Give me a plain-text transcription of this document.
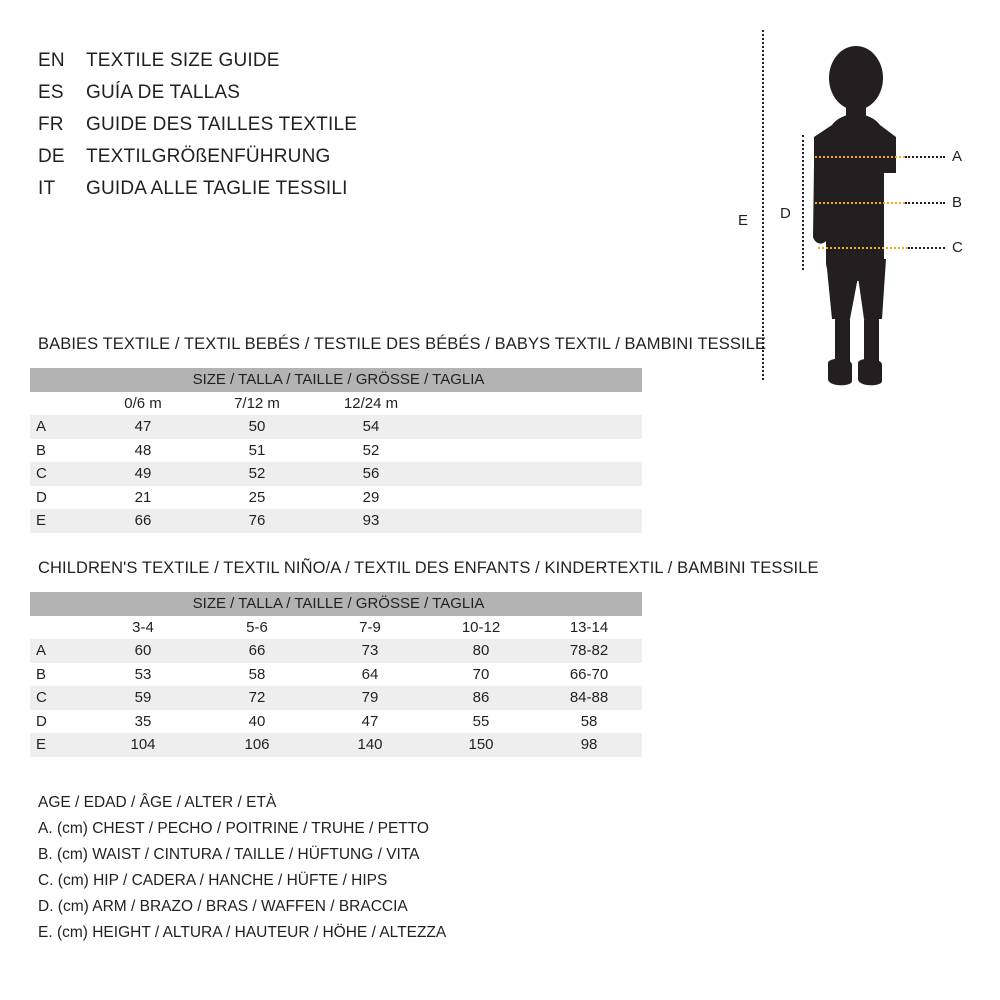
EN	TEXTILE SIZE GUIDE
ES	GUÍA DE TALLAS
FR	GUIDE DES TAILLES TEXTILE
DE	TEXTILGRÖßENFÜHRUNG
IT	GUIDA ALLE TAGLIE TESSILI
E D
A
B
C
BABIES TEXTILE / TEXTIL BEBÉS / TESTILE DES BÉBÉS / BABYS TEXTIL / BAMBINI TESSILE
SIZE / TALLA / TAILLE / GRÖSSE / TAGLIA				
	0/6 m	7/12 m	12/24 m	
A	47	50	54	
B	48	51	52	
C	49	52	56	
D	21	25	29	
E	66	76	93	
CHILDREN'S TEXTILE / TEXTIL NIÑO/A / TEXTIL DES ENFANTS / KINDERTEXTIL / BAMBINI TESSILE
SIZE / TALLA / TAILLE / GRÖSSE / TAGLIA					
	3-4	5-6	7-9	10-12	13-14
A	60	66	73	80	78-82
B	53	58	64	70	66-70
C	59	72	79	86	84-88
D	35	40	47	55	58
E	104	106	140	150	98
AGE / EDAD / ÂGE / ALTER / ETÀ
A. (cm) CHEST / PECHO / POITRINE / TRUHE / PETTO
B. (cm) WAIST / CINTURA / TAILLE / HÜFTUNG / VITA
C. (cm) HIP / CADERA / HANCHE / HÜFTE / HIPS
D. (cm) ARM / BRAZO / BRAS / WAFFEN / BRACCIA
E. (cm) HEIGHT / ALTURA / HAUTEUR / HÖHE / ALTEZZA
